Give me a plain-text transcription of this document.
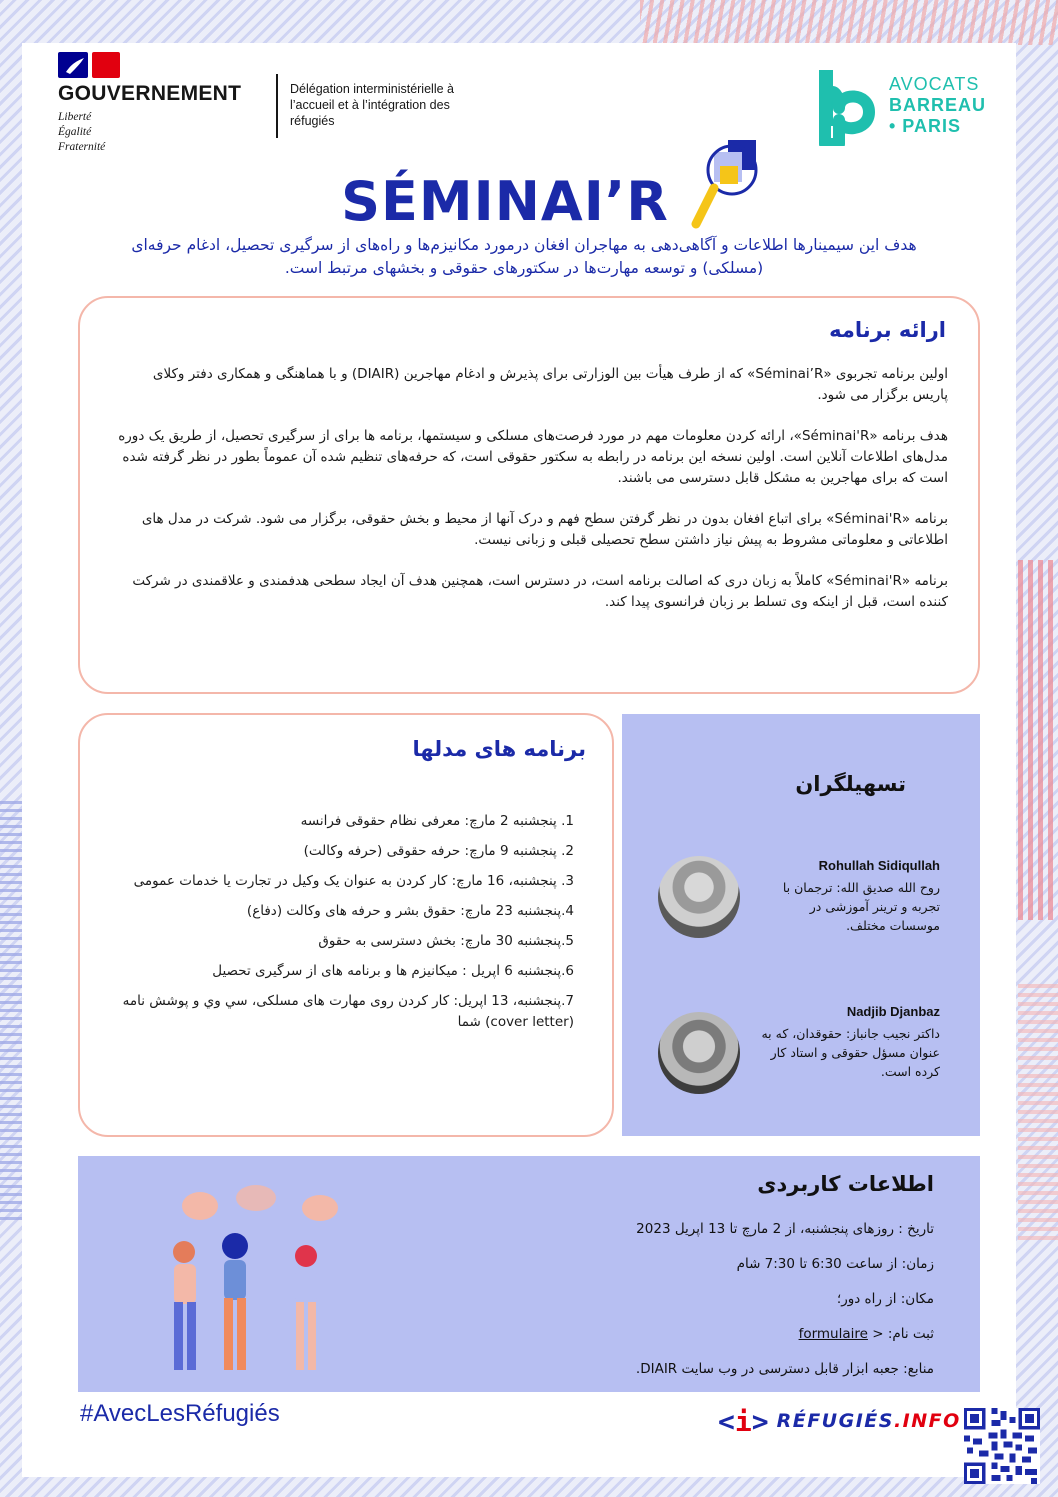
GOUVERNEMENT
Liberté
Égalité
Fraternité
Délégation interministérielle à
l’accueil et à l’intégration des
réfugiés
AVOCATS
BARREAU
• PARIS
SÉMINAI’R
هدف این سیمینارها اطلاعات و آگاهی‌دهی به مهاجران افغان درمورد مکانیزم‌ها و راه‌های از سرگیری تحصیل، ادغام حرفه‌ای (مسلکی) و توسعه مهارت‌ها در سکتورهای حقوقی و بخشهای مرتبط است.
ارائه برنامه

اولین برنامه تجربوی «Séminai’R» که از طرف هیأت بین الوزارتی برای پذیرش و ادغام مهاجرین (DIAIR) و با هماهنگی و همکاری دفتر وکلای پاریس برگزار می شود.

هدف برنامه «Séminai'R»، ارائه کردن معلومات مهم در مورد فرصت‌های مسلکی و سیستمها، برنامه ها برای از سرگیری تحصیل، از طریق یک دوره مدل‌های اطلاعات آنلاین است. اولین نسخه این برنامه در رابطه به سکتور حقوقی است، که حرفه‌های تنظیم شده آن عموماً بطور در نظر گرفته شده است که برای مهاجرین به مشکل قابل دسترسی می باشند.

برنامه «Séminai'R» برای اتباع افغان بدون در نظر گرفتن سطح فهم و درک آنها از محیط و بخش حقوقی، برگزار می شود. شرکت در مدل های اطلاعاتی و معلوماتی مشروط به پیش نیاز داشتن سطح تحصیلی قبلی و زبانی نیست.

برنامه «Séminai'R» کاملاً به زبان دری که اصالت برنامه است، در دسترس است، همچنین هدف آن ایجاد سطحی هدفمندی و علاقمندی در شرکت کننده است، قبل از اینکه وی تسلط بر زبان فرانسوی پیدا کند.

برنامه های مدلها
1. پنجشنبه 2 مارچ: معرفی نظام حقوقی فرانسه
2. پنجشنبه 9 مارچ: حرفه حقوقی (حرفه وکالت)
3. پنجشنبه، 16 مارچ: کار کردن به عنوان یک وکیل در تجارت یا خدمات عمومی
4.پنجشنبه 23 مارچ: حقوق بشر و حرفه های وکالت (دفاع)
5.پنجشنبه 30 مارچ: بخش دسترسی به حقوق
6.پنجشنبه 6 اپریل : میکانیزم ها و برنامه های از سرگیری تحصیل
7.پنجشنبه، 13 اپریل: کار کردن روی مهارت های مسلکی، سي وي و پوشش نامه (cover letter) شما
تسهیلگران
Rohullah Sidiqullah
روح الله صدیق الله: ترجمان با تجربه و ترینر آموزشی در موسسات مختلف.
Nadjib Djanbaz
داکتر نجیب جانباز: حقوقدان، که به عنوان مسؤل حقوقی و استاد کار کرده است.
اطلاعات کاربردی
تاریخ : روزهای پنجشنبه، از 2 مارچ تا 13 اپریل 2023
زمان: از ساعت 6:30 تا 7:30 شام
مکان: از راه دور؛
ثبت نام: < formulaire
منابع: جعبه ابزار قابل دسترسی در وب سایت DIAIR.
#AvecLesRéfugiés	< i > RÉFUGIÉS.INFO
